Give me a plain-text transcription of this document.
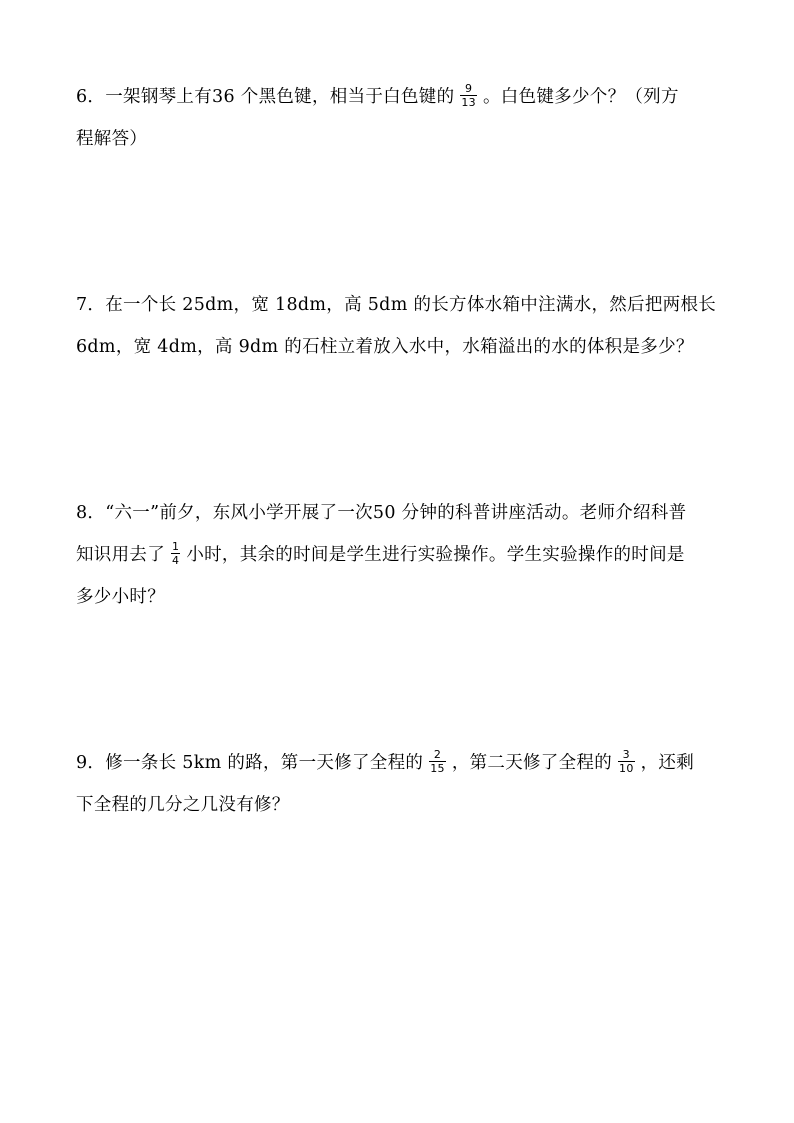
6．一架钢琴上有36 个黑色键，相当于白色键的 $\frac{9}{13}$ 。白色键多少个？（列方
程解答）
7．在一个长 25dm，宽 18dm，高 5dm 的长方体水箱中注满水，然后把两根长
6dm，宽 4dm，高 9dm 的石柱立着放入水中，水箱溢出的水的体积是多少？
8．“六一”前夕，东风小学开展了一次50 分钟的科普讲座活动。老师介绍科普
知识用去了 $\frac{1}{4}$ 小时，其余的时间是学生进行实验操作。学生实验操作的时间是
多少小时？
9．修一条长 5km 的路，第一天修了全程的 $\frac{2}{15}$ ，第二天修了全程的 $\frac{3}{10}$ ，还剩
下全程的几分之几没有修？
